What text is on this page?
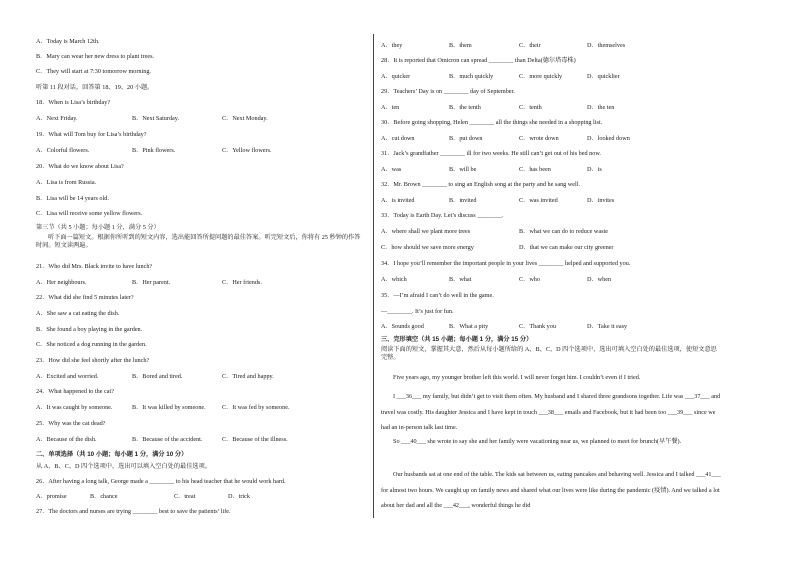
A．Today is March 12th.
B．Mary can wear her new dress to plant trees.
C．They will start at 7:30 tomorrow morning.
听第 11 段对话，回答第 18、19、20 小题。
18．When is Lisa’s birthday?
A．Next Friday.	B．Next Saturday.	C．Next Monday.
19．What will Tom buy for Lisa’s birthday?
A．Colorful flowers.	B．Pink flowers.	C．Yellow flowers.
20．What do we know about Lisa?
A．Lisa is from Russia.
B．Lisa will be 14 years old.
C．Lisa will receive some yellow flowers.
第三节（共 5 小题；每小题 1 分，满分 5 分）
听下面一篇短文。根据你所听到的短文内容，选出能回答所提问题的最佳答案。听完短文后，你将有 25 秒钟的作答时间。短文读两遍。
21．Who did Mrs. Black invite to have lunch?
A．Her neighbours.	B．Her parent.	C．Her friends.
22．What did she find 5 minutes later?
A．She saw a cat eating the dish.
B．She found a boy playing in the garden.
C．She noticed a dog running in the garden.
23．How did she feel shortly after the lunch?
A．Excited and worried.	B．Bored and tired.	C．Tired and happy.
24．What happened to the cat?
A．It was caught by someone.	B．It was killed by someone.	C．It was fed by someone.
25．Why was the cat dead?
A．Because of the dish.	B．Because of the accident.	C．Because of the illness.
二、单项选择（共 10 小题；每小题 1 分，满分 10 分）
从 A、B、C、D 四个选项中，选出可以填入空白处的最佳选项。
26．After having a long talk, George made a ________ to his head teacher that he would work hard.
A．promise	B．chance	C．treat	D．trick
27．The doctors and nurses are trying ________ best to save the patients’ life.
A．they	B．them	C．their	D．themselves
28．It is reported that Omicron can spread ________ than Delta(德尔塔毒株)
A．quicker	B．much quickly	C．more quickly	D．quicklier
29．Teachers’ Day is on ________ day of September.
A．ten	B．the tenth	C．tenth	D．the ten
30．Before going shopping, Helen ________ all the things she needed in a shopping list.
A．cut down	B．put down	C．wrote down	D．looked down
31．Jack’s grandfather ________ ill for two weeks. He still can’t get out of his bed now.
A．was	B．will be	C．has been	D．is
32．Mr. Brown ________ to sing an English song at the party and he sang well.
A．is invited	B．invited	C．was invited	D．invites
33．Today is Earth Day. Let’s discuss ________.
A．where shall we plant more trees	B．what we can do to reduce waste
C．how should we save more energy	D．that we can make our city greener
34．I hope you’ll remember the important people in your lives ________ helped and supported you.
A．which	B．what	C．who	D．when
35．—I’m afraid I can’t do well in the game.
—________. It’s just for fun.
A．Sounds good	B．What a pity	C．Thank you	D．Take it easy
三、完形填空（共 15 小题；每小题 1 分，满分 15 分）
阅读下面的短文，掌握其大意，然后从每小题所给的 A、B、C、D 四个选项中，选出可填入空白处的最佳选项，使短文意思完整。
Five years ago, my younger brother left this world. I will never forget him. I couldn’t even if I tried.
I ___36___ my family, but didn’t get to visit them often. My husband and I shared three grandsons together. Life was ___37___ and travel was costly. His daughter Jessica and I have kept in touch ___38___ emails and Facebook, but it had been too ___39___ since we had an in-person talk last time.
So ___40___ she wrote to say she and her family were vacationing near us, we planned to meet for brunch(早午餐).
Our husbands sat at one end of the table. The kids sat between us, eating pancakes and behaving well. Jessica and I talked ___41___ for almost two hours. We caught up on family news and shared what our lives were like during the pandemic (疫情). And we talked a lot about her dad and all the ___42___, wonderful things he did
